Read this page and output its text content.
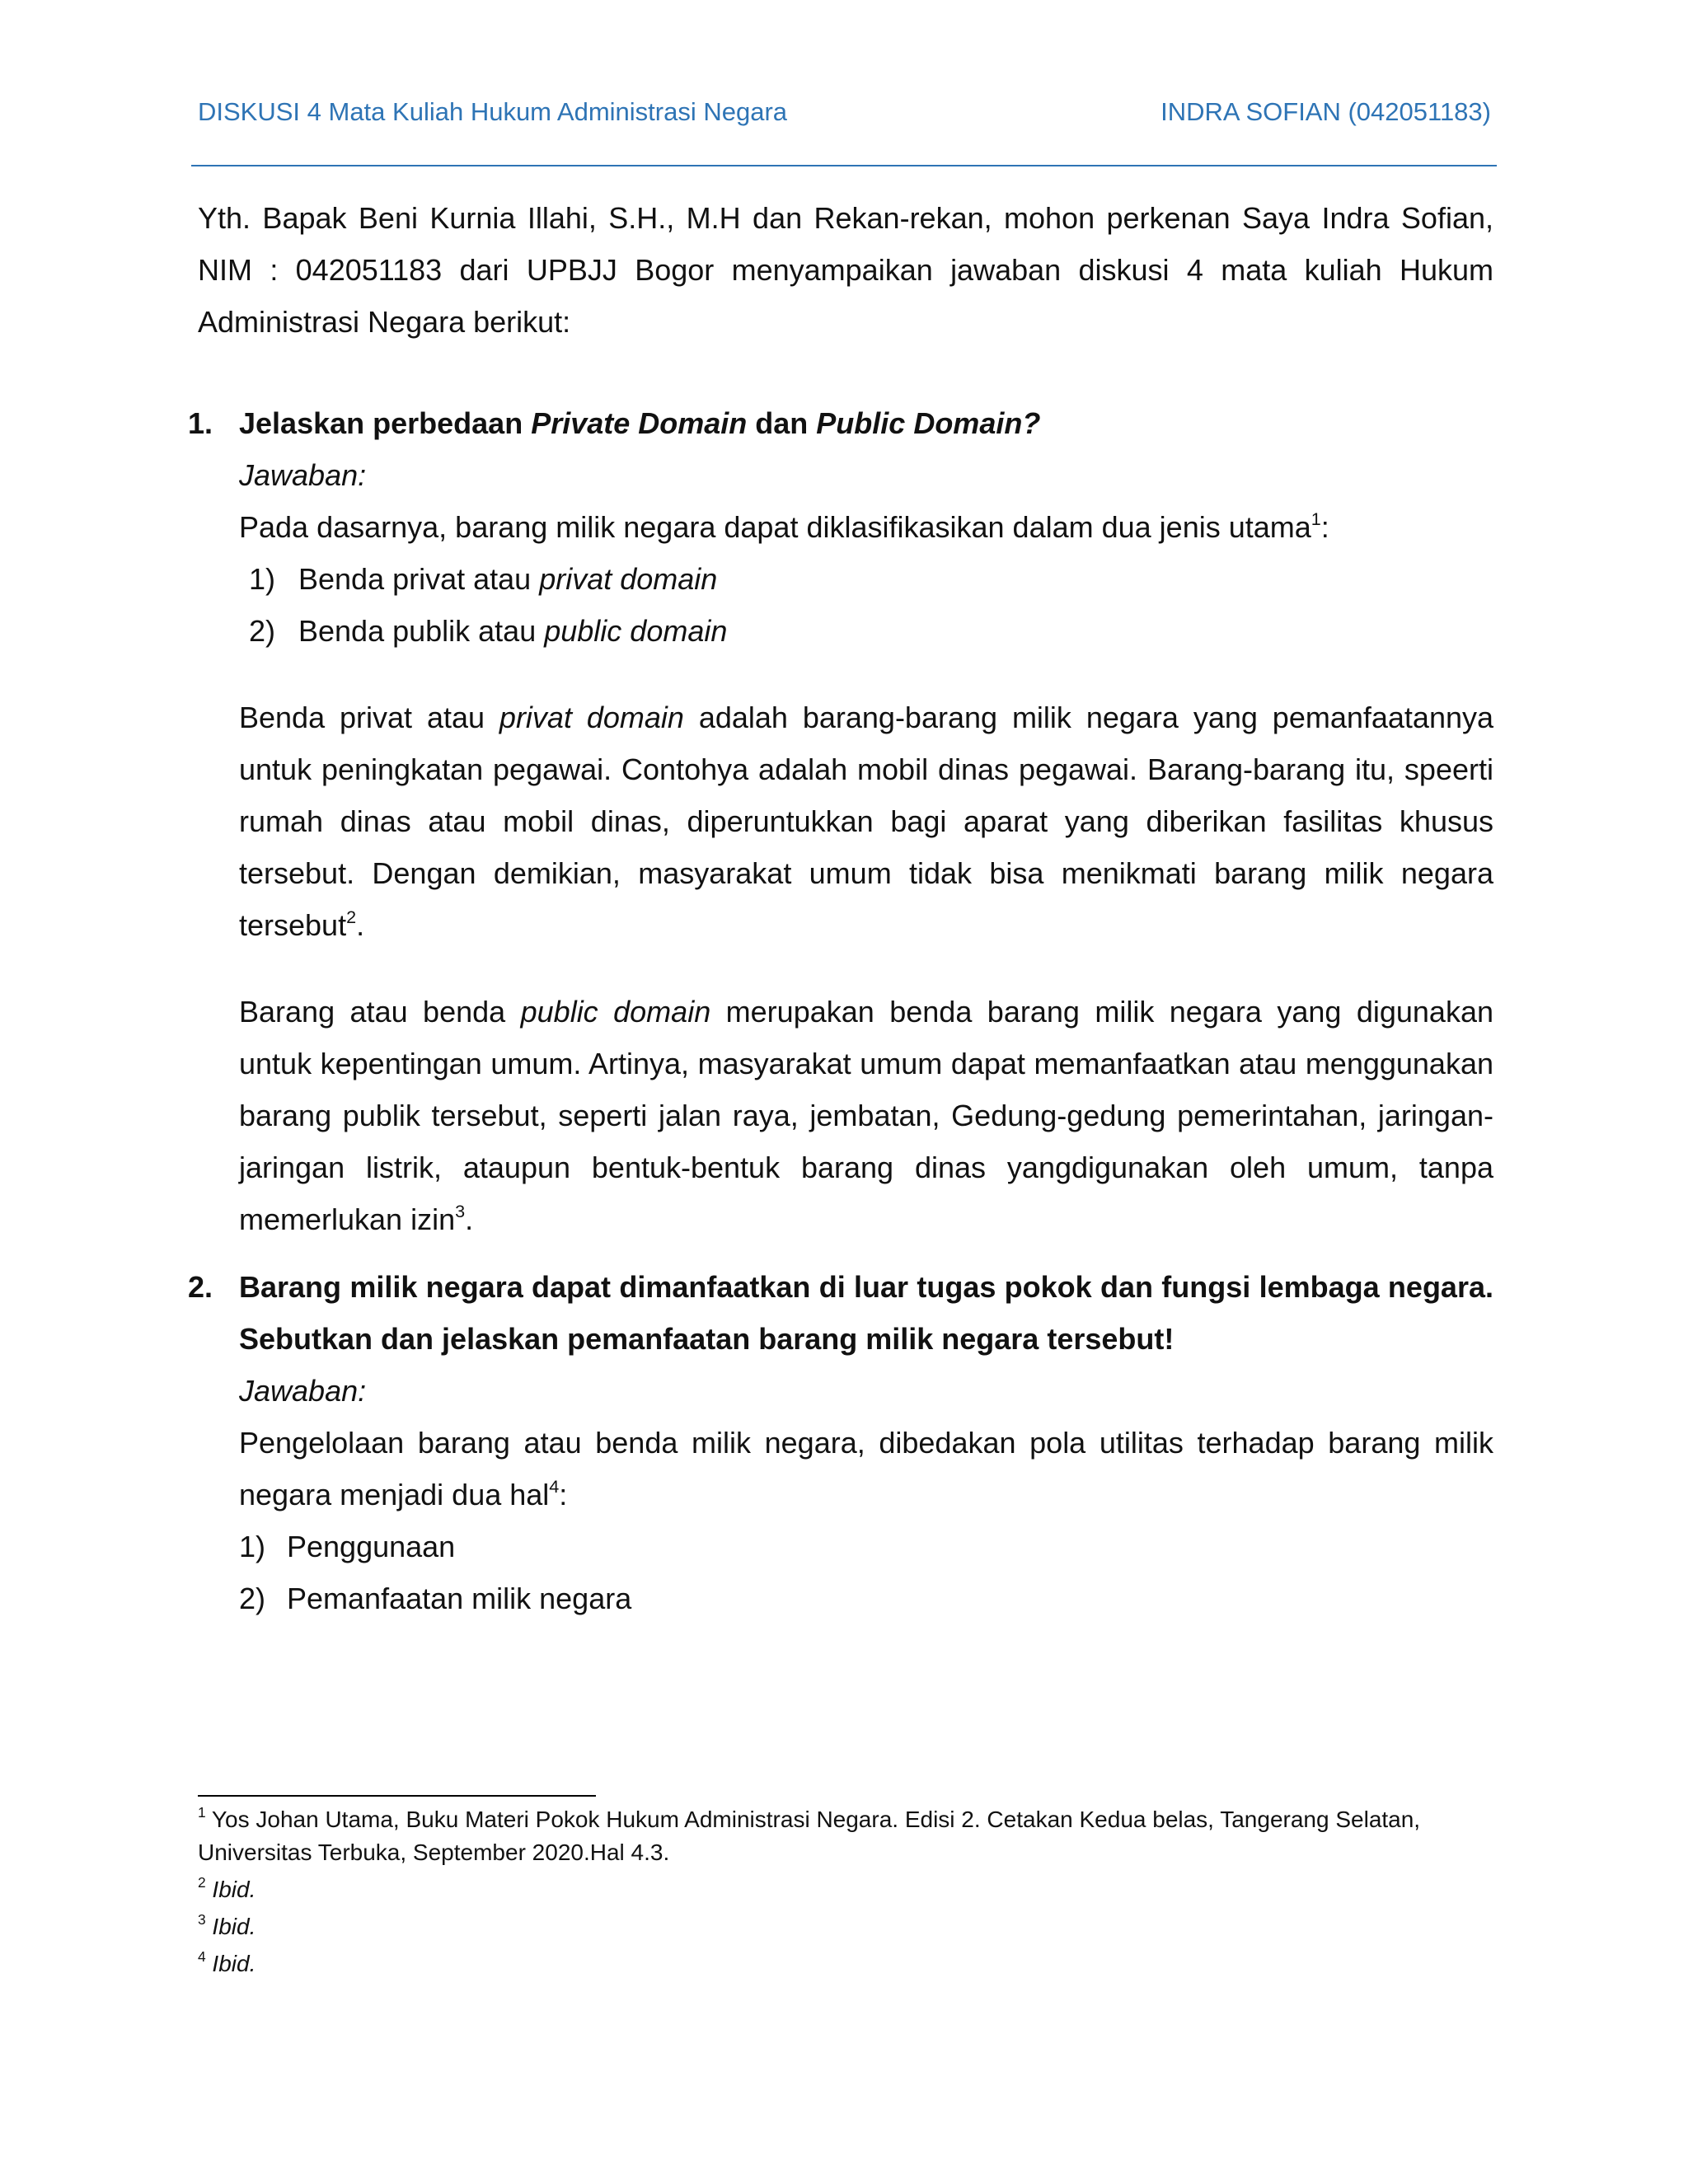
DISKUSI 4 Mata Kuliah Hukum Administrasi Negara	INDRA SOFIAN (042051183)

Yth. Bapak Beni Kurnia Illahi, S.H., M.H dan Rekan-rekan, mohon perkenan Saya Indra Sofian, NIM : 042051183 dari UPBJJ Bogor menyampaikan jawaban diskusi 4 mata kuliah Hukum Administrasi Negara berikut:

1. Jelaskan perbedaan Private Domain dan Public Domain?

Jawaban:

Pada dasarnya, barang milik negara dapat diklasifikasikan dalam dua jenis utama$^1$:

1) Benda privat atau privat domain
2) Benda publik atau public domain

Benda privat atau privat domain adalah barang-barang milik negara yang pemanfaatannya untuk peningkatan pegawai. Contohya adalah mobil dinas pegawai. Barang-barang itu, speerti rumah dinas atau mobil dinas, diperuntukkan bagi aparat yang diberikan fasilitas khusus tersebut. Dengan demikian, masyarakat umum tidak bisa menikmati barang milik negara tersebut$^2$.

Barang atau benda public domain merupakan benda barang milik negara yang digunakan untuk kepentingan umum. Artinya, masyarakat umum dapat memanfaatkan atau menggunakan barang publik tersebut, seperti jalan raya, jembatan, Gedung-gedung pemerintahan, jaringan-jaringan listrik, ataupun bentuk-bentuk barang dinas yangdigunakan oleh umum, tanpa memerlukan izin$^3$.

2. Barang milik negara dapat dimanfaatkan di luar tugas pokok dan fungsi lembaga negara. Sebutkan dan jelaskan pemanfaatan barang milik negara tersebut!

Jawaban:

Pengelolaan barang atau benda milik negara, dibedakan pola utilitas terhadap barang milik negara menjadi dua hal$^4$:

1) Penggunaan
2) Pemanfaatan milik negara

$^1$ Yos Johan Utama, Buku Materi Pokok Hukum Administrasi Negara. Edisi 2. Cetakan Kedua belas, Tangerang Selatan, Universitas Terbuka, September 2020.Hal 4.3.

$^2$ Ibid.

$^3$ Ibid.

$^4$ Ibid.
